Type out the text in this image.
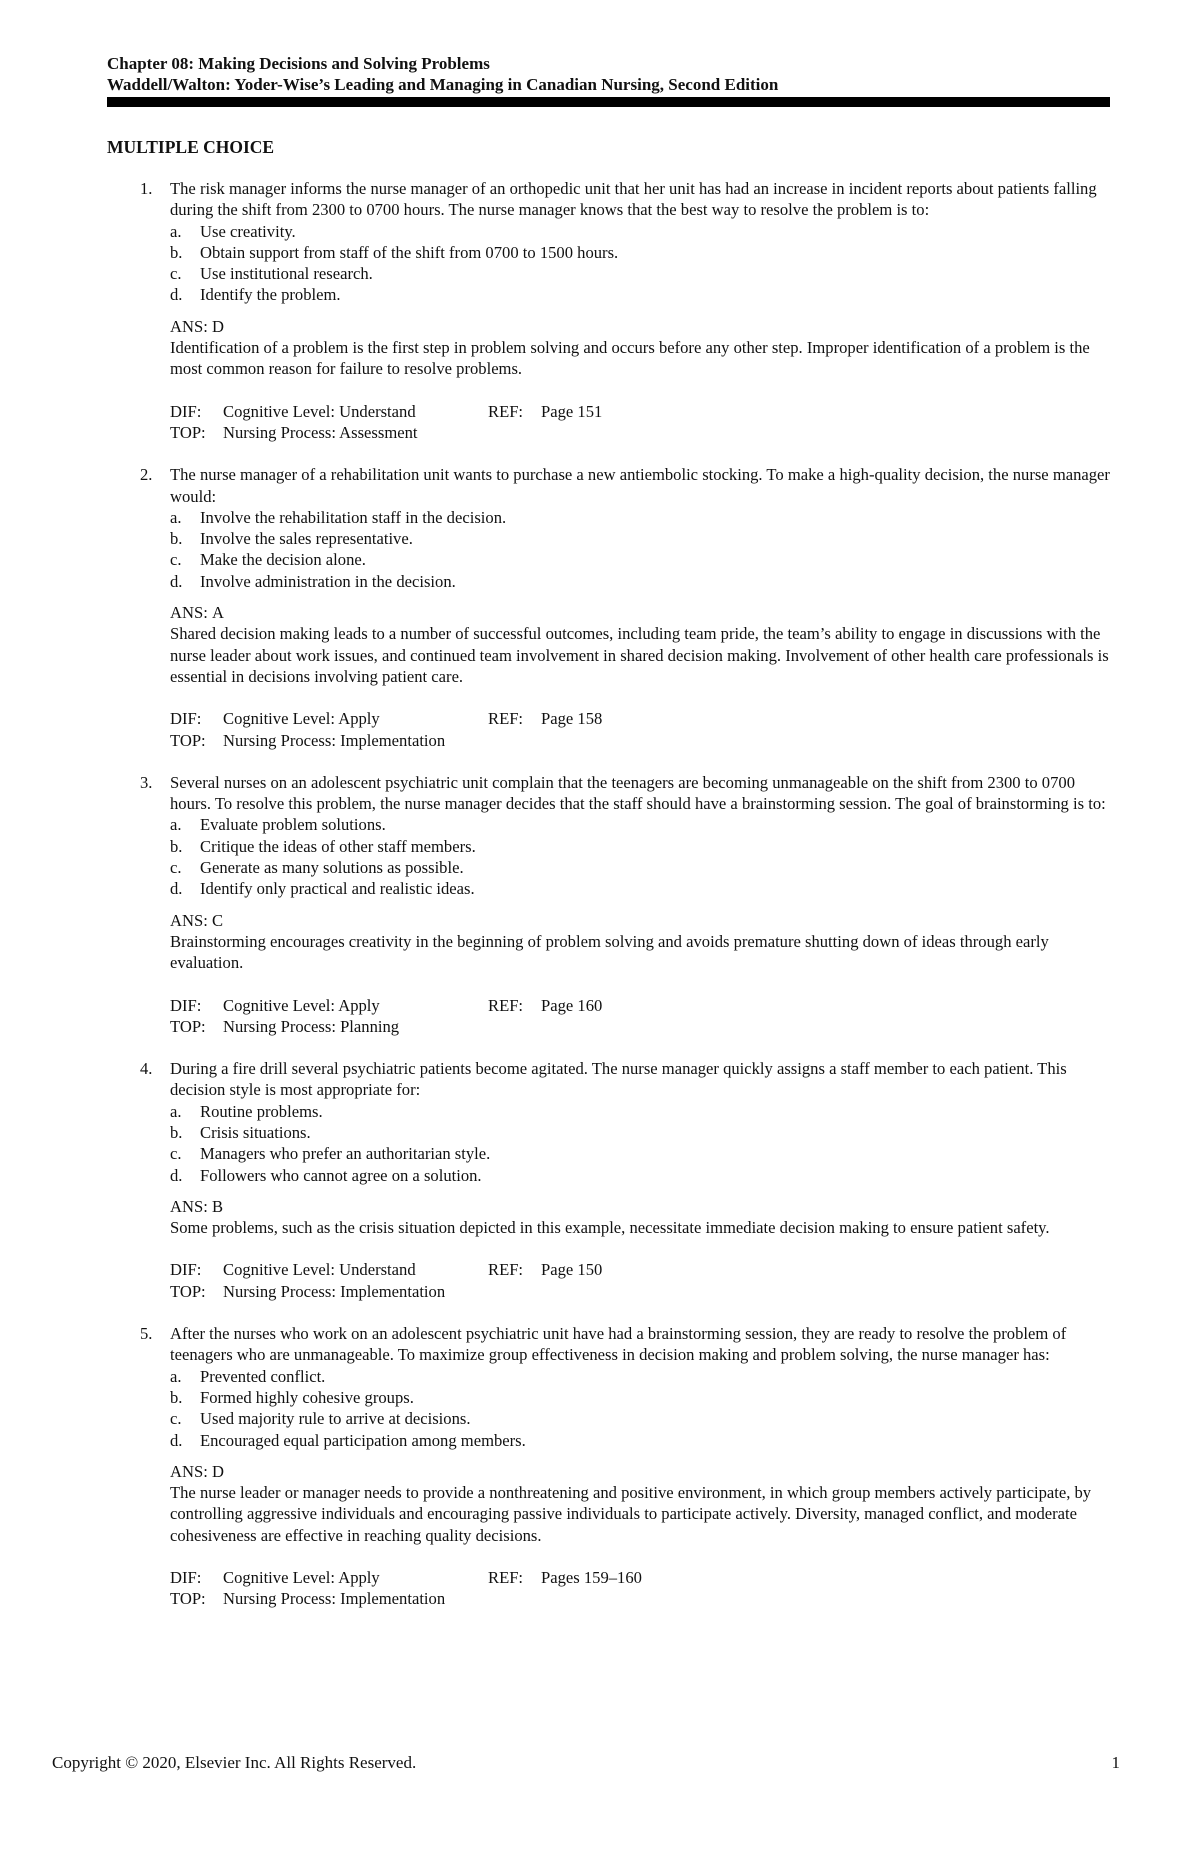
Chapter 08: Making Decisions and Solving Problems
Waddell/Walton: Yoder-Wise’s Leading and Managing in Canadian Nursing, Second Edition
MULTIPLE CHOICE
1. The risk manager informs the nurse manager of an orthopedic unit that her unit has had an increase in incident reports about patients falling during the shift from 2300 to 0700 hours. The nurse manager knows that the best way to resolve the problem is to:
a. Use creativity.
b. Obtain support from staff of the shift from 0700 to 1500 hours.
c. Use institutional research.
d. Identify the problem.
ANS: D
Identification of a problem is the first step in problem solving and occurs before any other step. Improper identification of a problem is the most common reason for failure to resolve problems.
DIF: Cognitive Level: Understand	REF: Page 151
TOP: Nursing Process: Assessment
2. The nurse manager of a rehabilitation unit wants to purchase a new antiembolic stocking. To make a high-quality decision, the nurse manager would:
a. Involve the rehabilitation staff in the decision.
b. Involve the sales representative.
c. Make the decision alone.
d. Involve administration in the decision.
ANS: A
Shared decision making leads to a number of successful outcomes, including team pride, the team’s ability to engage in discussions with the nurse leader about work issues, and continued team involvement in shared decision making. Involvement of other health care professionals is essential in decisions involving patient care.
DIF: Cognitive Level: Apply	REF: Page 158
TOP: Nursing Process: Implementation
3. Several nurses on an adolescent psychiatric unit complain that the teenagers are becoming unmanageable on the shift from 2300 to 0700 hours. To resolve this problem, the nurse manager decides that the staff should have a brainstorming session. The goal of brainstorming is to:
a. Evaluate problem solutions.
b. Critique the ideas of other staff members.
c. Generate as many solutions as possible.
d. Identify only practical and realistic ideas.
ANS: C
Brainstorming encourages creativity in the beginning of problem solving and avoids premature shutting down of ideas through early evaluation.
DIF: Cognitive Level: Apply	REF: Page 160
TOP: Nursing Process: Planning
4. During a fire drill several psychiatric patients become agitated. The nurse manager quickly assigns a staff member to each patient. This decision style is most appropriate for:
a. Routine problems.
b. Crisis situations.
c. Managers who prefer an authoritarian style.
d. Followers who cannot agree on a solution.
ANS: B
Some problems, such as the crisis situation depicted in this example, necessitate immediate decision making to ensure patient safety.
DIF: Cognitive Level: Understand	REF: Page 150
TOP: Nursing Process: Implementation
5. After the nurses who work on an adolescent psychiatric unit have had a brainstorming session, they are ready to resolve the problem of teenagers who are unmanageable. To maximize group effectiveness in decision making and problem solving, the nurse manager has:
a. Prevented conflict.
b. Formed highly cohesive groups.
c. Used majority rule to arrive at decisions.
d. Encouraged equal participation among members.
ANS: D
The nurse leader or manager needs to provide a nonthreatening and positive environment, in which group members actively participate, by controlling aggressive individuals and encouraging passive individuals to participate actively. Diversity, managed conflict, and moderate cohesiveness are effective in reaching quality decisions.
DIF: Cognitive Level: Apply	REF: Pages 159–160
TOP: Nursing Process: Implementation
Copyright © 2020, Elsevier Inc. All Rights Reserved.	1
